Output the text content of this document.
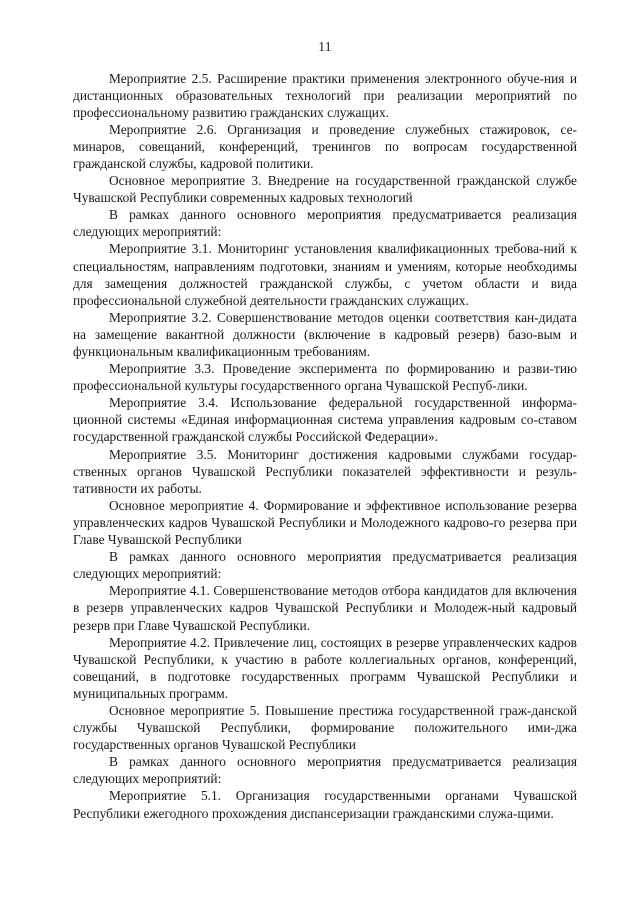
11

Мероприятие 2.5. Расширение практики применения электронного обуче-ния и дистанционных образовательных технологий при реализации мероприятий по профессиональному развитию гражданских служащих.

Мероприятие 2.6. Организация и проведение служебных стажировок, се-минаров, совещаний, конференций, тренингов по вопросам государственной гражданской службы, кадровой политики.

Основное мероприятие 3. Внедрение на государственной гражданской службе Чувашской Республики современных кадровых технологий

В рамках данного основного мероприятия предусматривается реализация следующих мероприятий:

Мероприятие 3.1. Мониторинг установления квалификационных требова-ний к специальностям, направлениям подготовки, знаниям и умениям, которые необходимы для замещения должностей гражданской службы, с учетом области и вида профессиональной служебной деятельности гражданских служащих.

Мероприятие 3.2. Совершенствование методов оценки соответствия кан-дидата на замещение вакантной должности (включение в кадровый резерв) базо-вым и функциональным квалификационным требованиям.

Мероприятие 3.3. Проведение эксперимента по формированию и разви-тию профессиональной культуры государственного органа Чувашской Респуб-лики.

Мероприятие 3.4. Использование федеральной государственной информа-ционной системы «Единая информационная система управления кадровым со-ставом государственной гражданской службы Российской Федерации».

Мероприятие 3.5. Мониторинг достижения кадровыми службами государ-ственных органов Чувашской Республики показателей эффективности и резуль-тативности их работы.

Основное мероприятие 4. Формирование и эффективное использование резерва управленческих кадров Чувашской Республики и Молодежного кадрово-го резерва при Главе Чувашской Республики

В рамках данного основного мероприятия предусматривается реализация следующих мероприятий:

Мероприятие 4.1. Совершенствование методов отбора кандидатов для включения в резерв управленческих кадров Чувашской Республики и Молодеж-ный кадровый резерв при Главе Чувашской Республики.

Мероприятие 4.2. Привлечение лиц, состоящих в резерве управленческих кадров Чувашской Республики, к участию в работе коллегиальных органов, конференций, совещаний, в подготовке государственных программ Чувашской Республики и муниципальных программ.

Основное мероприятие 5. Повышение престижа государственной граж-данской службы Чувашской Республики, формирование положительного ими-джа государственных органов Чувашской Республики

В рамках данного основного мероприятия предусматривается реализация следующих мероприятий:

Мероприятие 5.1. Организация государственными органами Чувашской Республики ежегодного прохождения диспансеризации гражданскими служа-щими.
